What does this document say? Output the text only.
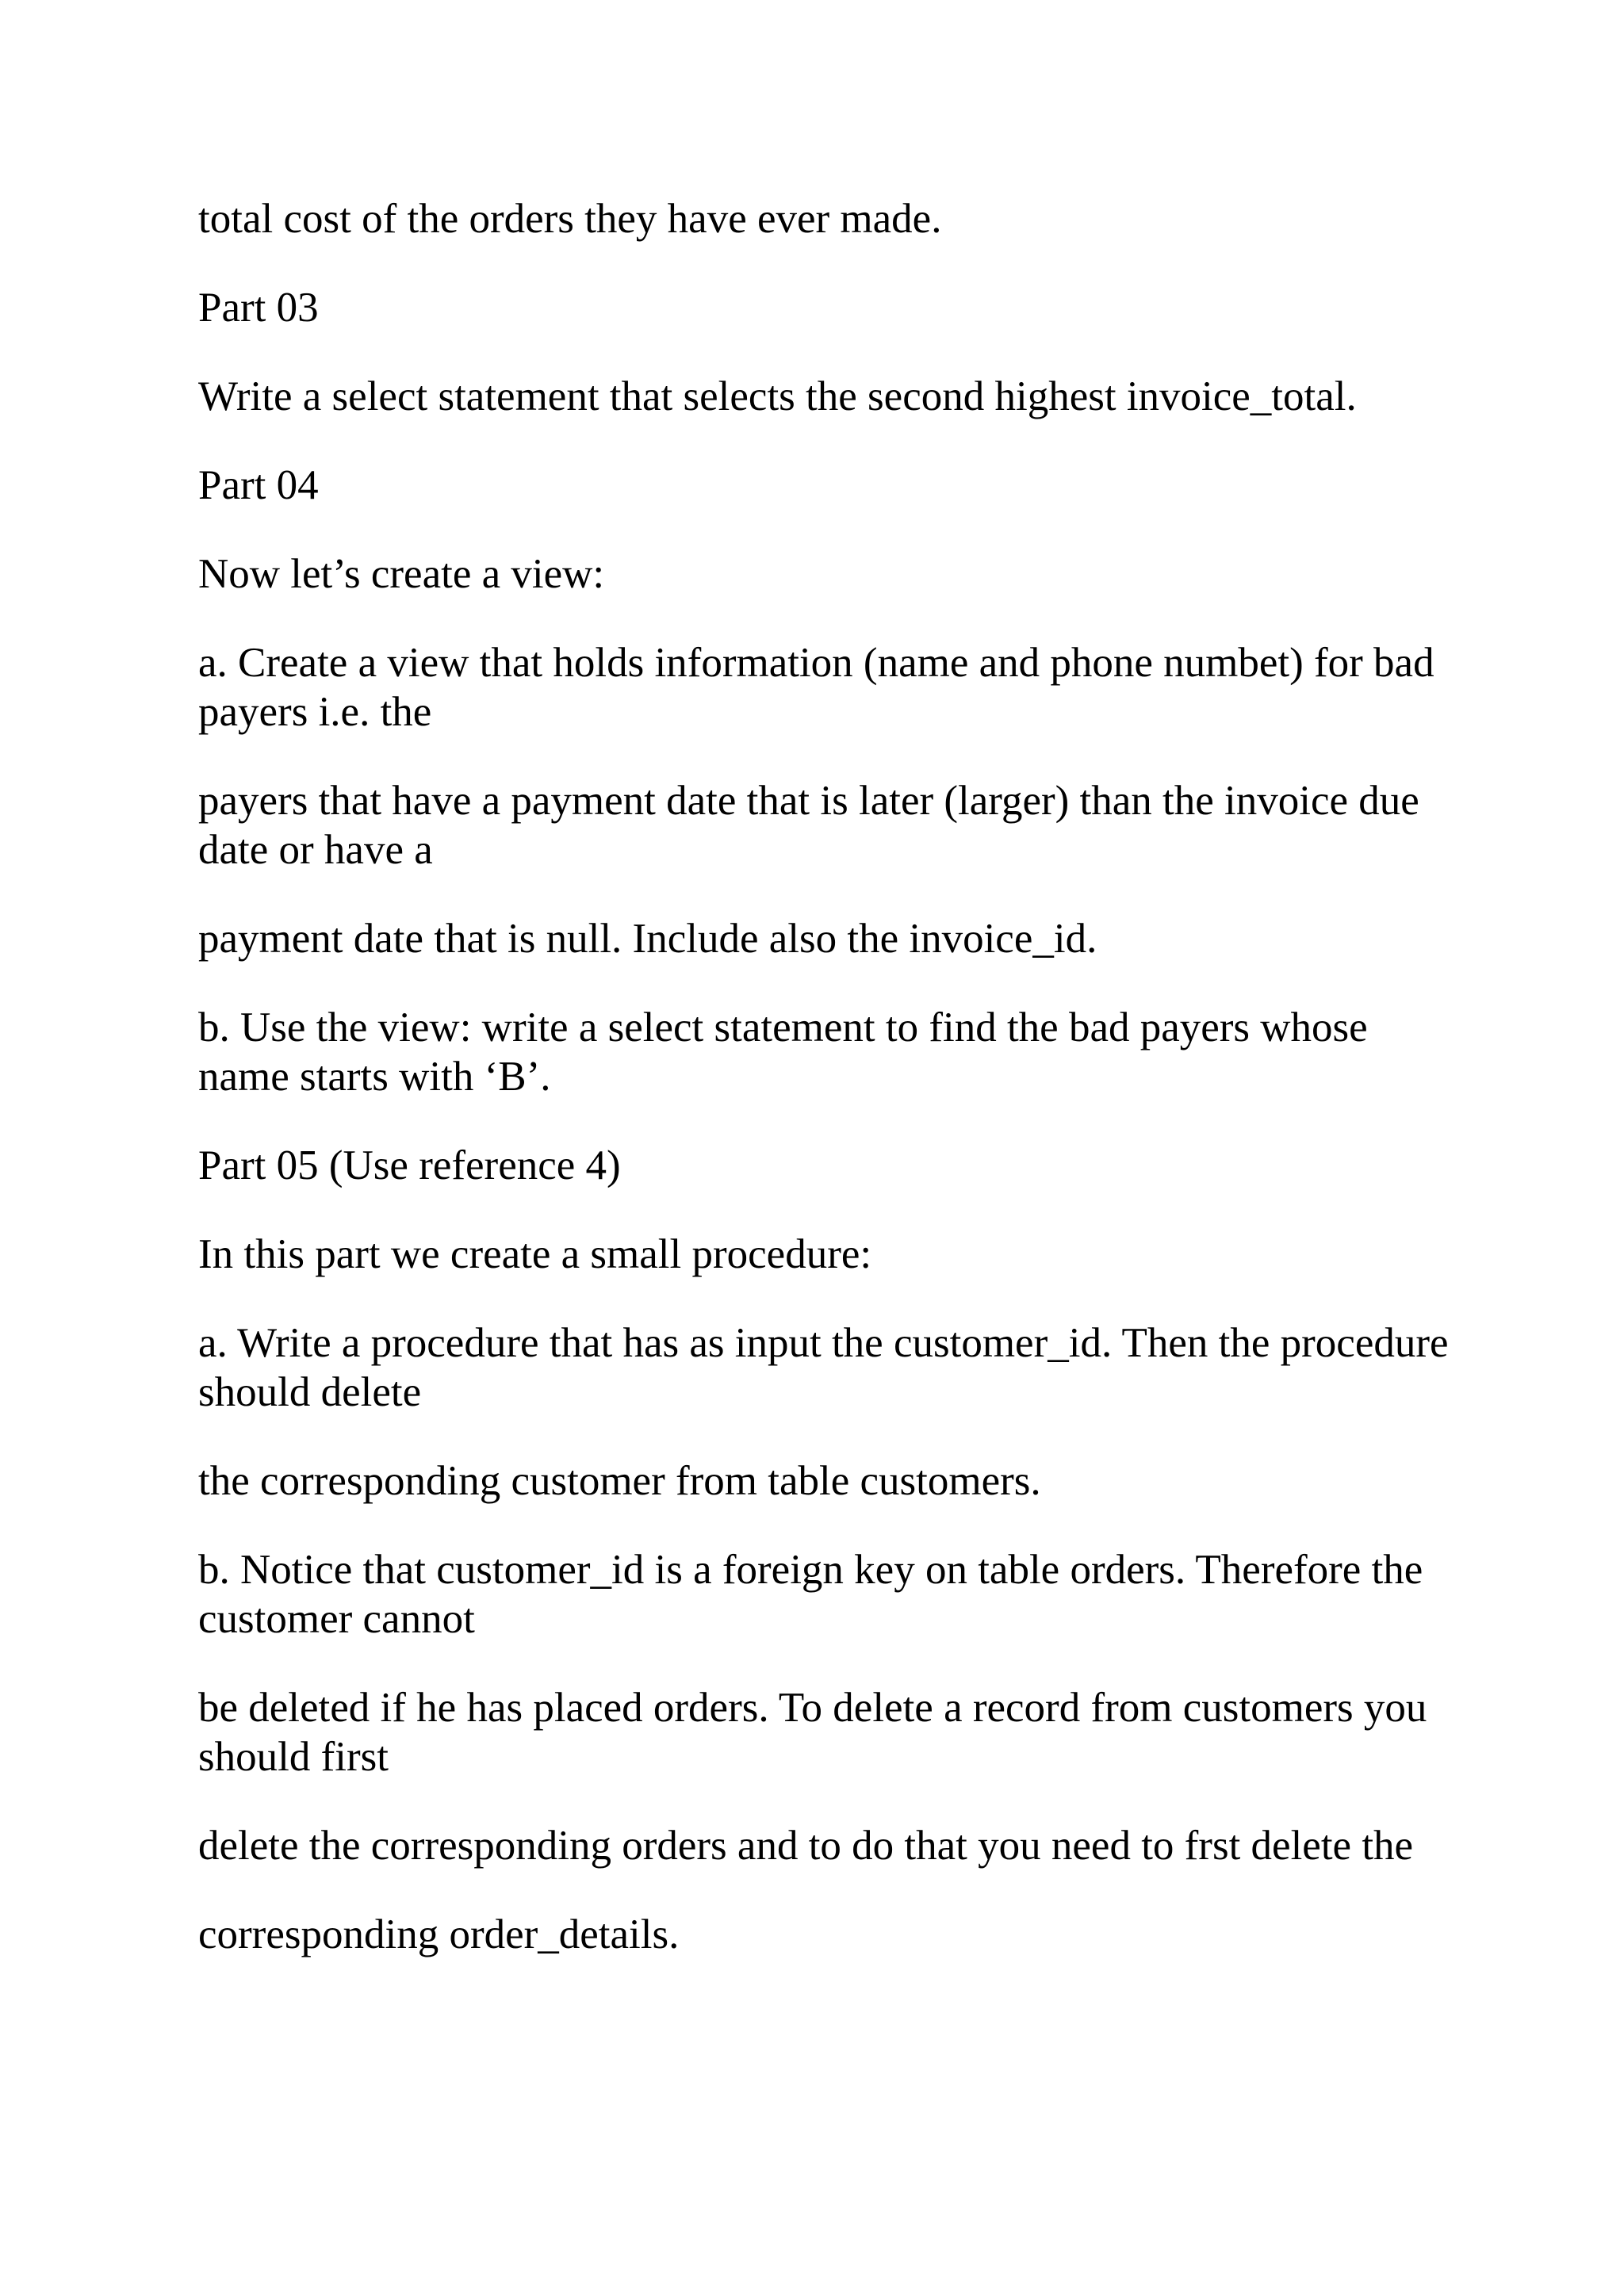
total cost of the orders they have ever made.

Part 03

Write a select statement that selects the second highest invoice_total.

Part 04

Now let’s create a view:

a. Create a view that holds information (name and phone numbet) for bad payers i.e. the

payers that have a payment date that is later (larger) than the invoice due date or have a

payment date that is null. Include also the invoice_id.

b. Use the view: write a select statement to find the bad payers whose name starts with ‘B’.

Part 05 (Use reference 4)

In this part we create a small procedure:

a. Write a procedure that has as input the customer_id. Then the procedure should delete

the corresponding customer from table customers.

b. Notice that customer_id is a foreign key on table orders. Therefore the customer cannot

be deleted if he has placed orders. To delete a record from customers you should first

delete the corresponding orders and to do that you need to frst delete the

corresponding order_details.
